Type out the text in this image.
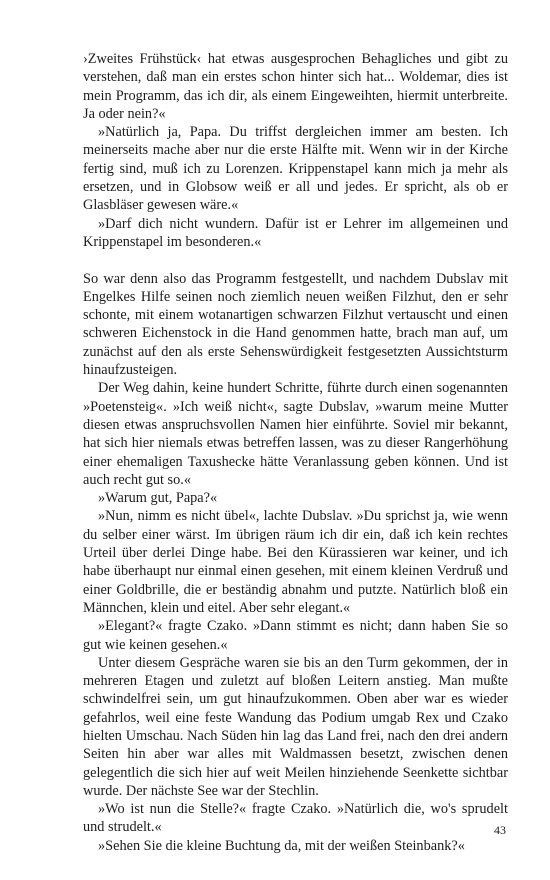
›Zweites Frühstück‹ hat etwas ausgesprochen Behagliches und gibt zu verstehen, daß man ein erstes schon hinter sich hat... Woldemar, dies ist mein Programm, das ich dir, als einem Eingeweihten, hiermit unterbreite. Ja oder nein?«

»Natürlich ja, Papa. Du triffst dergleichen immer am besten. Ich meinerseits mache aber nur die erste Hälfte mit. Wenn wir in der Kirche fertig sind, muß ich zu Lorenzen. Krippenstapel kann mich ja mehr als ersetzen, und in Globsow weiß er all und jedes. Er spricht, als ob er Glasbläser gewesen wäre.«

»Darf dich nicht wundern. Dafür ist er Lehrer im allgemeinen und Krippenstapel im besonderen.«

So war denn also das Programm festgestellt, und nachdem Dubslav mit Engelkes Hilfe seinen noch ziemlich neuen weißen Filzhut, den er sehr schonte, mit einem wotanartigen schwarzen Filzhut vertauscht und einen schweren Eichenstock in die Hand genommen hatte, brach man auf, um zunächst auf den als erste Sehenswürdigkeit festgesetzten Aussichtsturm hinaufzusteigen.

Der Weg dahin, keine hundert Schritte, führte durch einen sogenannten »Poetensteig«. »Ich weiß nicht«, sagte Dubslav, »warum meine Mutter diesen etwas anspruchsvollen Namen hier einführte. Soviel mir bekannt, hat sich hier niemals etwas betreffen lassen, was zu dieser Rangerhöhung einer ehemaligen Taxushecke hätte Veranlassung geben können. Und ist auch recht gut so.«

»Warum gut, Papa?«

»Nun, nimm es nicht übel«, lachte Dubslav. »Du sprichst ja, wie wenn du selber einer wärst. Im übrigen räum ich dir ein, daß ich kein rechtes Urteil über derlei Dinge habe. Bei den Kürassieren war keiner, und ich habe überhaupt nur einmal einen gesehen, mit einem kleinen Verdruß und einer Goldbrille, die er beständig abnahm und putzte. Natürlich bloß ein Männchen, klein und eitel. Aber sehr elegant.«

»Elegant?« fragte Czako. »Dann stimmt es nicht; dann haben Sie so gut wie keinen gesehen.«

Unter diesem Gespräche waren sie bis an den Turm gekommen, der in mehreren Etagen und zuletzt auf bloßen Leitern anstieg. Man mußte schwindelfrei sein, um gut hinaufzukommen. Oben aber war es wieder gefahrlos, weil eine feste Wandung das Podium umgab Rex und Czako hielten Umschau. Nach Süden hin lag das Land frei, nach den drei andern Seiten hin aber war alles mit Waldmassen besetzt, zwischen denen gelegentlich die sich hier auf weit Meilen hinziehende Seenkette sichtbar wurde. Der nächste See war der Stechlin.

»Wo ist nun die Stelle?« fragte Czako. »Natürlich die, wo's sprudelt und strudelt.«

»Sehen Sie die kleine Buchtung da, mit der weißen Steinbank?«

43
